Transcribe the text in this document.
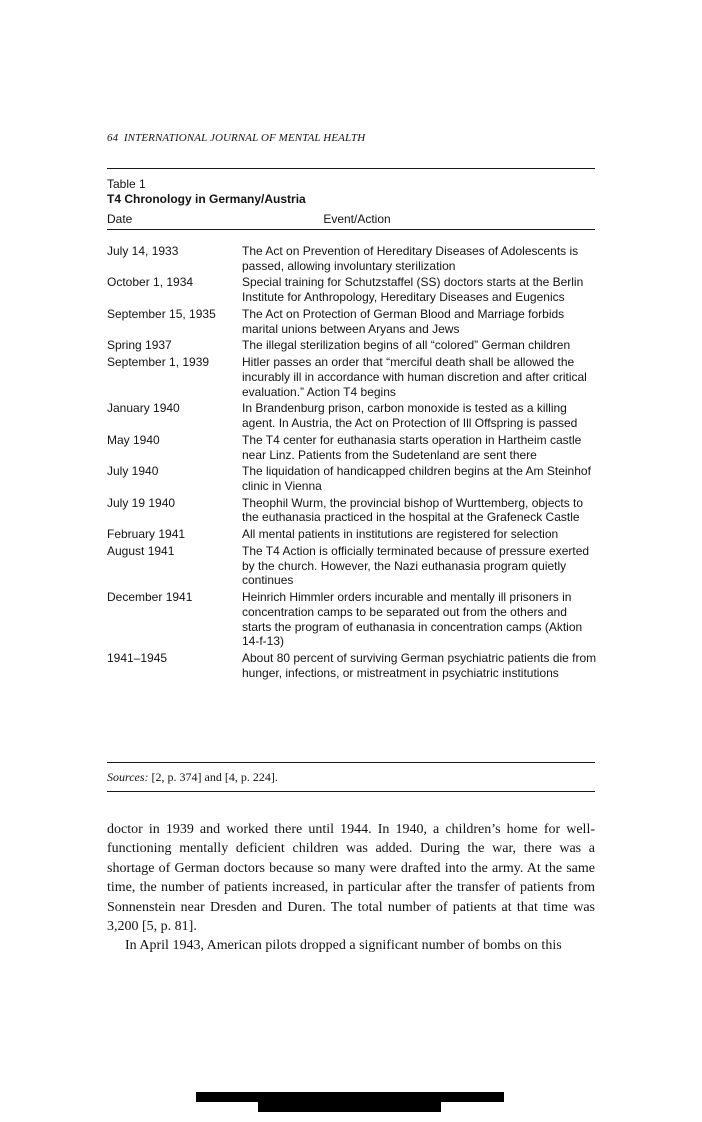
64 INTERNATIONAL JOURNAL OF MENTAL HEALTH
Table 1
T4 Chronology in Germany/Austria
Date	Event/Action
July 14, 1933	The Act on Prevention of Hereditary Diseases of Adolescents is passed, allowing involuntary sterilization
October 1, 1934	Special training for Schutzstaffel (SS) doctors starts at the Berlin Institute for Anthropology, Hereditary Diseases and Eugenics
September 15, 1935	The Act on Protection of German Blood and Marriage forbids marital unions between Aryans and Jews
Spring 1937	The illegal sterilization begins of all “colored” German children
September 1, 1939	Hitler passes an order that “merciful death shall be allowed the incurably ill in accordance with human discretion and after critical evaluation.” Action T4 begins
January 1940	In Brandenburg prison, carbon monoxide is tested as a killing agent. In Austria, the Act on Protection of Ill Offspring is passed
May 1940	The T4 center for euthanasia starts operation in Hartheim castle near Linz. Patients from the Sudetenland are sent there
July 1940	The liquidation of handicapped children begins at the Am Steinhof clinic in Vienna
July 19 1940	Theophil Wurm, the provincial bishop of Wurttemberg, objects to the euthanasia practiced in the hospital at the Grafeneck Castle
February 1941	All mental patients in institutions are registered for selection
August 1941	The T4 Action is officially terminated because of pressure exerted by the church. However, the Nazi euthanasia program quietly continues
December 1941	Heinrich Himmler orders incurable and mentally ill prisoners in concentration camps to be separated out from the others and starts the program of euthanasia in concentration camps (Aktion 14-f-13)
1941–1945	About 80 percent of surviving German psychiatric patients die from hunger, infections, or mistreatment in psychiatric institutions
Sources: [2, p. 374] and [4, p. 224].

doctor in 1939 and worked there until 1944. In 1940, a children’s home for well-functioning mentally deficient children was added. During the war, there was a shortage of German doctors because so many were drafted into the army. At the same time, the number of patients increased, in particular after the transfer of patients from Sonnenstein near Dresden and Duren. The total number of patients at that time was 3,200 [5, p. 81].

In April 1943, American pilots dropped a significant number of bombs on this
